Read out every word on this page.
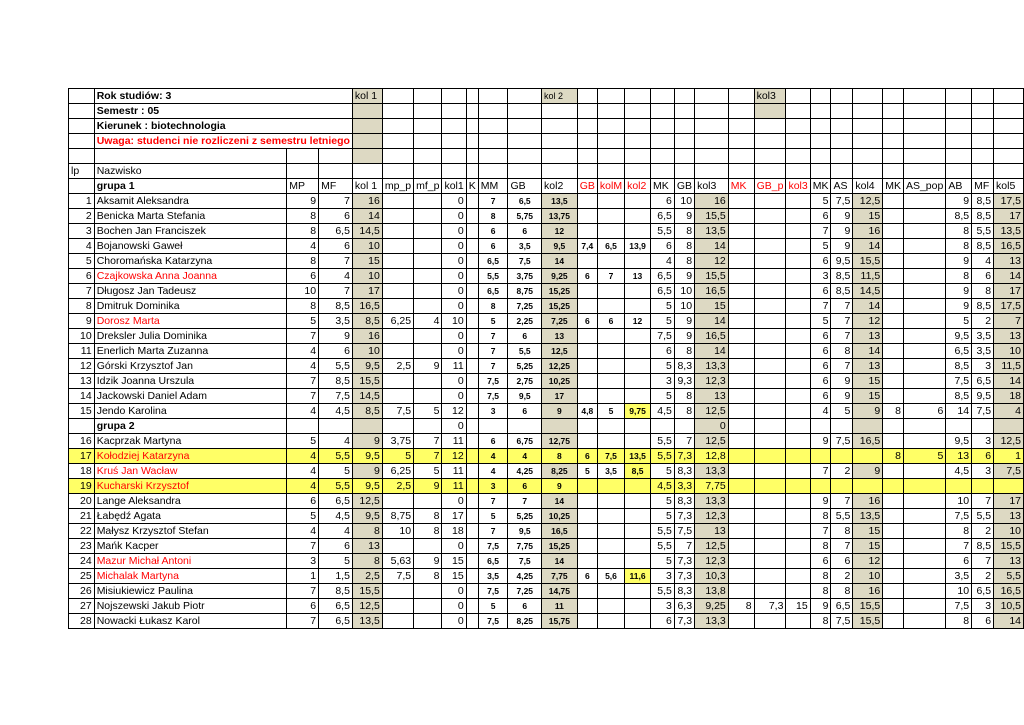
	Rok studiów: 3			kol 1							kol 2								kol3									
	Semestr : 05																											
	Kierunek : biotechnologia																											
	Uwaga: studenci nie rozliczeni z semestru letniego																											

lp	Nazwisko																											
	grupa 1	MP	MF	kol 1	mp_p	mf_p	kol1	K	MM	GB	kol2	GB	kolM	kol2	MK	GB	kol3	MK	GB_p	kol3	MK	AS	kol4	MK	AS_pop	AB	MF	kol5
1	Aksamit Aleksandra	9	7	16			0		7	6,5	13,5				6	10	16				5	7,5	12,5			9	8,5	17,5
2	Benicka Marta Stefania	8	6	14			0		8	5,75	13,75				6,5	9	15,5				6	9	15			8,5	8,5	17
3	Bochen Jan Franciszek	8	6,5	14,5			0		6	6	12				5,5	8	13,5				7	9	16			8	5,5	13,5
4	Bojanowski Gaweł	4	6	10			0		6	3,5	9,5	7,4	6,5	13,9	6	8	14				5	9	14			8	8,5	16,5
5	Choromańska Katarzyna	8	7	15			0		6,5	7,5	14				4	8	12				6	9,5	15,5			9	4	13
6	Czajkowska Anna Joanna	6	4	10			0		5,5	3,75	9,25	6	7	13	6,5	9	15,5				3	8,5	11,5			8	6	14
7	Długosz Jan Tadeusz	10	7	17			0		6,5	8,75	15,25				6,5	10	16,5				6	8,5	14,5			9	8	17
8	Dmitruk Dominika	8	8,5	16,5			0		8	7,25	15,25				5	10	15				7	7	14			9	8,5	17,5
9	Dorosz Marta	5	3,5	8,5	6,25	4	10		5	2,25	7,25	6	6	12	5	9	14				5	7	12			5	2	7
10	Dreksler Julia Dominika	7	9	16			0		7	6	13				7,5	9	16,5				6	7	13			9,5	3,5	13
11	Enerlich Marta Zuzanna	4	6	10			0		7	5,5	12,5				6	8	14				6	8	14			6,5	3,5	10
12	Górski Krzysztof Jan	4	5,5	9,5	2,5	9	11		7	5,25	12,25				5	8,3	13,3				6	7	13			8,5	3	11,5
13	Idzik Joanna Urszula	7	8,5	15,5			0		7,5	2,75	10,25				3	9,3	12,3				6	9	15			7,5	6,5	14
14	Jackowski Daniel Adam	7	7,5	14,5			0		7,5	9,5	17				5	8	13				6	9	15			8,5	9,5	18
15	Jendo Karolina	4	4,5	8,5	7,5	5	12		3	6	9	4,8	5	9,75	4,5	8	12,5				4	5	9	8	6	14	7,5	4
	grupa 2						0										0											
16	Kacprzak Martyna	5	4	9	3,75	7	11		6	6,75	12,75				5,5	7	12,5				9	7,5	16,5			9,5	3	12,5
17	Kołodziej Katarzyna	4	5,5	9,5	5	7	12		4	4	8	6	7,5	13,5	5,5	7,3	12,8							8	5	13	6	1
18	Kruś Jan Wacław	4	5	9	6,25	5	11		4	4,25	8,25	5	3,5	8,5	5	8,3	13,3				7	2	9			4,5	3	7,5
19	Kucharski Krzysztof	4	5,5	9,5	2,5	9	11		3	6	9				4,5	3,3	7,75											
20	Lange Aleksandra	6	6,5	12,5			0		7	7	14				5	8,3	13,3				9	7	16			10	7	17
21	Łabędź Agata	5	4,5	9,5	8,75	8	17		5	5,25	10,25				5	7,3	12,3				8	5,5	13,5			7,5	5,5	13
22	Małysz Krzysztof Stefan	4	4	8	10	8	18		7	9,5	16,5				5,5	7,5	13				7	8	15			8	2	10
23	Mańk Kacper	7	6	13			0		7,5	7,75	15,25				5,5	7	12,5				8	7	15			7	8,5	15,5
24	Mazur Michał Antoni	3	5	8	5,63	9	15		6,5	7,5	14				5	7,3	12,3				6	6	12			6	7	13
25	Michalak Martyna	1	1,5	2,5	7,5	8	15		3,5	4,25	7,75	6	5,6	11,6	3	7,3	10,3				8	2	10			3,5	2	5,5
26	Misiukiewicz Paulina	7	8,5	15,5			0		7,5	7,25	14,75				5,5	8,3	13,8				8	8	16			10	6,5	16,5
27	Nojszewski Jakub Piotr	6	6,5	12,5			0		5	6	11				3	6,3	9,25	8	7,3	15	9	6,5	15,5			7,5	3	10,5
28	Nowacki Łukasz Karol	7	6,5	13,5			0		7,5	8,25	15,75				6	7,3	13,3				8	7,5	15,5			8	6	14
